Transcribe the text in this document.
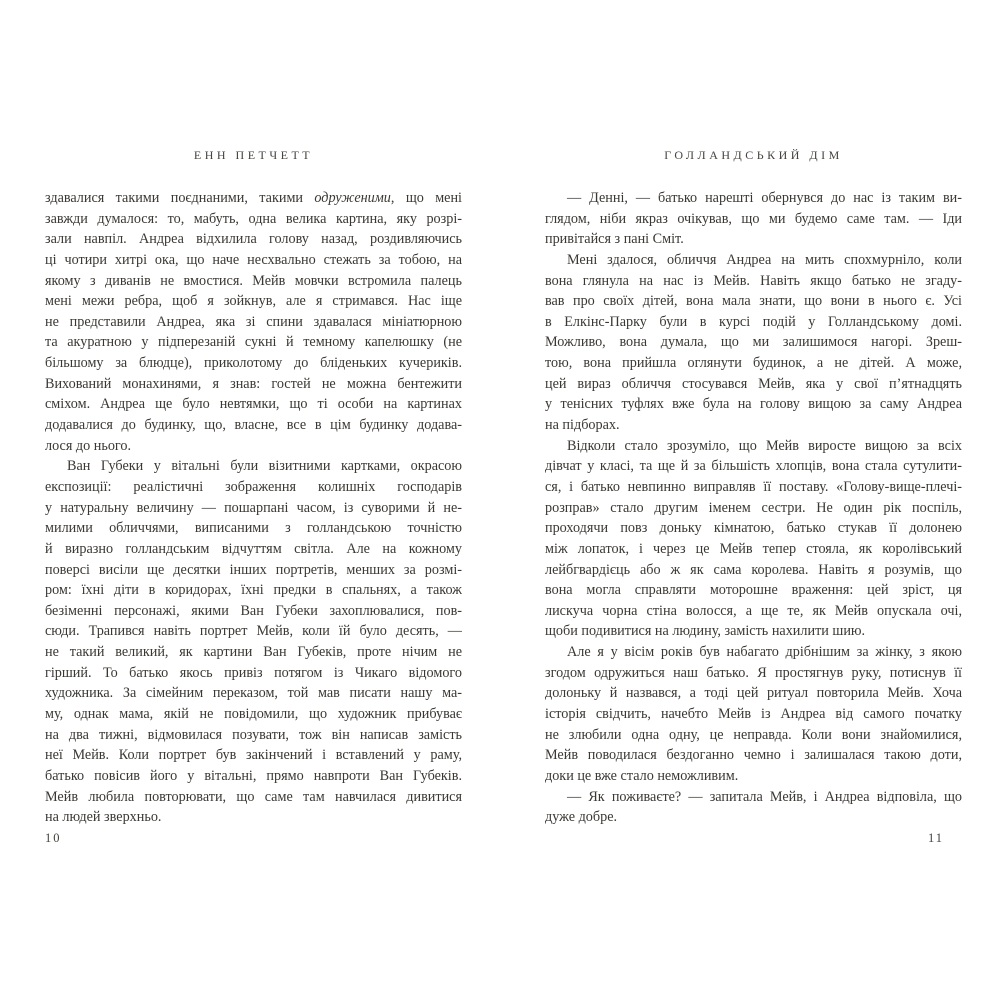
ЕНН ПЕТЧЕТТ
здавалися такими поєднаними, такими одруженими, що мені
завжди думалося: то, мабуть, одна велика картина, яку розрі-
зали навпіл. Андреа відхилила голову назад, роздивляючись
ці чотири хитрі ока, що наче несхвально стежать за тобою, на
якому з диванів не вмостися. Мейв мовчки встромила палець
мені межи ребра, щоб я зойкнув, але я стримався. Нас іще
не представили Андреа, яка зі спини здавалася мініатюрною
та акуратною у підперезаній сукні й темному капелюшку (не
більшому за блюдце), приколотому до бліденьких кучериків.
Вихований монахинями, я знав: гостей не можна бентежити
сміхом. Андреа ще було невтямки, що ті особи на картинах
додавалися до будинку, що, власне, все в цім будинку додава-
лося до нього.
Ван Губеки у вітальні були візитними картками, окрасою
експозиції: реалістичні зображення колишніх господарів
у натуральну величину — пошарпані часом, із суворими й не-
милими обличчями, виписаними з голландською точністю
й виразно голландським відчуттям світла. Але на кожному
поверсі висіли ще десятки інших портретів, менших за розмі-
ром: їхні діти в коридорах, їхні предки в спальнях, а також
безіменні персонажі, якими Ван Губеки захоплювалися, пов-
сюди. Трапився навіть портрет Мейв, коли їй було десять, —
не такий великий, як картини Ван Губеків, проте нічим не
гірший. То батько якось привіз потягом із Чикаго відомого
художника. За сімейним переказом, той мав писати нашу ма-
му, однак мама, якій не повідомили, що художник прибуває
на два тижні, відмовилася позувати, тож він написав замість
неї Мейв. Коли портрет був закінчений і вставлений у раму,
батько повісив його у вітальні, прямо навпроти Ван Губеків.
Мейв любила повторювати, що саме там навчилася дивитися
на людей зверхньо.
10
ГОЛЛАНДСЬКИЙ ДІМ
— Денні, — батько нарешті обернувся до нас із таким ви-
глядом, ніби якраз очікував, що ми будемо саме там. — Іди
привітайся з пані Сміт.
Мені здалося, обличчя Андреа на мить спохмурніло, коли
вона глянула на нас із Мейв. Навіть якщо батько не згаду-
вав про своїх дітей, вона мала знати, що вони в нього є. Усі
в Елкінс-Парку були в курсі подій у Голландському домі.
Можливо, вона думала, що ми залишимося нагорі. Зреш-
тою, вона прийшла оглянути будинок, а не дітей. А може,
цей вираз обличчя стосувався Мейв, яка у свої п’ятнадцять
у тенісних туфлях вже була на голову вищою за саму Андреа
на підборах.
Відколи стало зрозуміло, що Мейв виросте вищою за всіх
дівчат у класі, та ще й за більшість хлопців, вона стала сутулити-
ся, і батько невпинно виправляв її поставу. «Голову-вище-плечі-
розправ» стало другим іменем сестри. Не один рік поспіль,
проходячи повз доньку кімнатою, батько стукав її долонею
між лопаток, і через це Мейв тепер стояла, як королівський
лейбгвардієць або ж як сама королева. Навіть я розумів, що
вона могла справляти моторошне враження: цей зріст, ця
лискуча чорна стіна волосся, а ще те, як Мейв опускала очі,
щоби подивитися на людину, замість нахилити шию.
Але я у вісім років був набагато дрібнішим за жінку, з якою
згодом одружиться наш батько. Я простягнув руку, потиснув її
долоньку й назвався, а тоді цей ритуал повторила Мейв. Хоча
історія свідчить, начебто Мейв із Андреа від самого початку
не злюбили одна одну, це неправда. Коли вони знайомилися,
Мейв поводилася бездоганно чемно і залишалася такою доти,
доки це вже стало неможливим.
— Як поживаєте? — запитала Мейв, і Андреа відповіла, що
дуже добре.
11
